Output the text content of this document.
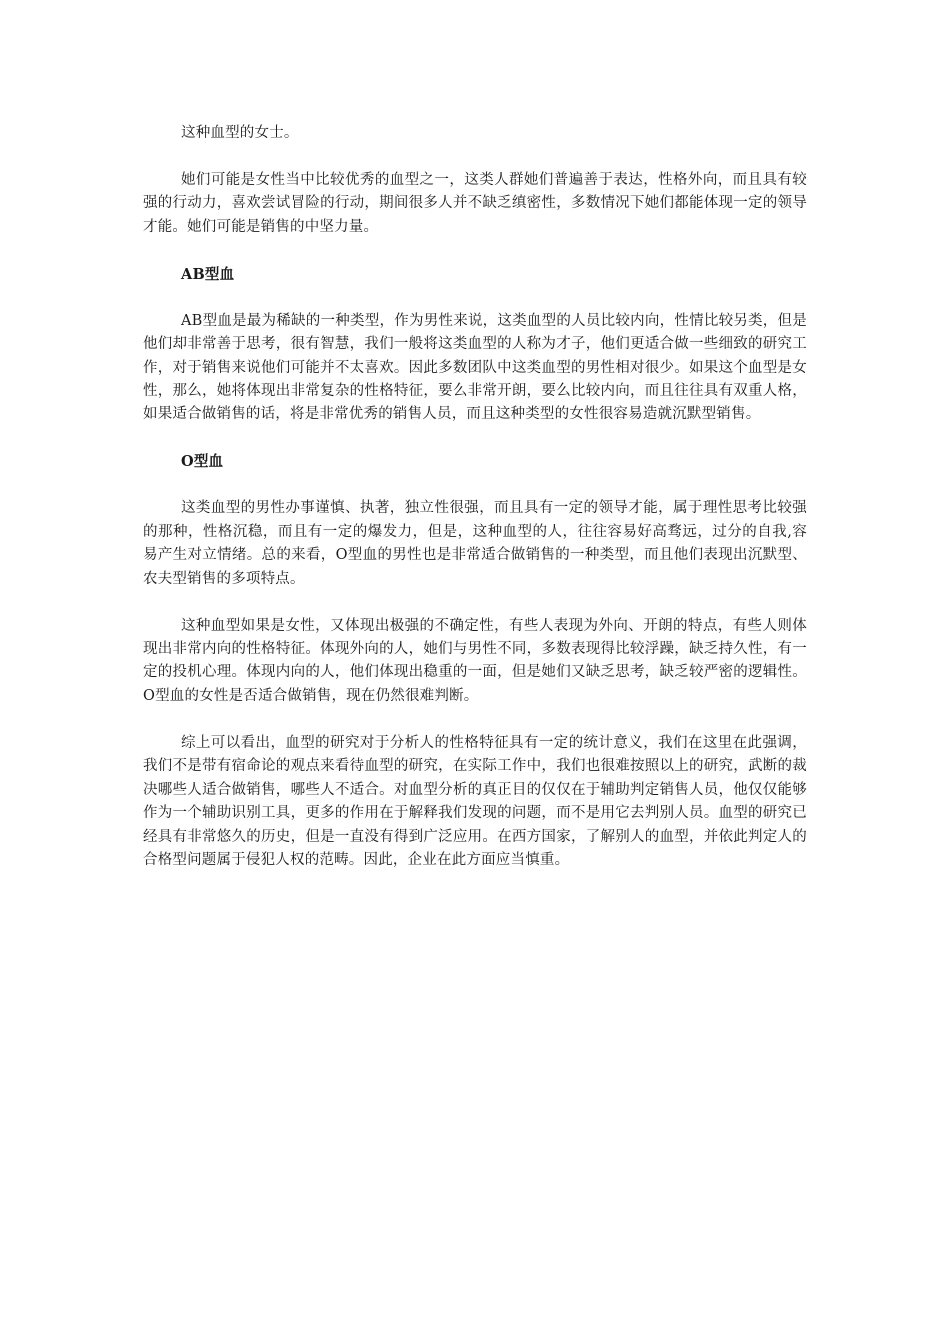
这种血型的女士。

她们可能是女性当中比较优秀的血型之一，这类人群她们普遍善于表达，性格外向，而且具有较强的行动力，喜欢尝试冒险的行动，期间很多人并不缺乏缜密性，多数情况下她们都能体现一定的领导才能。她们可能是销售的中坚力量。

AB型血

AB型血是最为稀缺的一种类型，作为男性来说，这类血型的人员比较内向，性情比较另类，但是他们却非常善于思考，很有智慧，我们一般将这类血型的人称为才子，他们更适合做一些细致的研究工作，对于销售来说他们可能并不太喜欢。因此多数团队中这类血型的男性相对很少。如果这个血型是女性，那么，她将体现出非常复杂的性格特征，要么非常开朗，要么比较内向，而且往往具有双重人格，如果适合做销售的话，将是非常优秀的销售人员，而且这种类型的女性很容易造就沉默型销售。

O型血

这类血型的男性办事谨慎、执著，独立性很强，而且具有一定的领导才能，属于理性思考比较强的那种，性格沉稳，而且有一定的爆发力，但是，这种血型的人，往往容易好高骛远，过分的自我,容易产生对立情绪。总的来看，O型血的男性也是非常适合做销售的一种类型，而且他们表现出沉默型、农夫型销售的多项特点。

这种血型如果是女性，又体现出极强的不确定性，有些人表现为外向、开朗的特点，有些人则体现出非常内向的性格特征。体现外向的人，她们与男性不同，多数表现得比较浮躁，缺乏持久性，有一定的投机心理。体现内向的人，他们体现出稳重的一面，但是她们又缺乏思考，缺乏较严密的逻辑性。O型血的女性是否适合做销售，现在仍然很难判断。

综上可以看出，血型的研究对于分析人的性格特征具有一定的统计意义，我们在这里在此强调，我们不是带有宿命论的观点来看待血型的研究，在实际工作中，我们也很难按照以上的研究，武断的裁决哪些人适合做销售，哪些人不适合。对血型分析的真正目的仅仅在于辅助判定销售人员，他仅仅能够作为一个辅助识别工具，更多的作用在于解释我们发现的问题，而不是用它去判别人员。血型的研究已经具有非常悠久的历史，但是一直没有得到广泛应用。在西方国家，了解别人的血型，并依此判定人的合格型问题属于侵犯人权的范畴。因此，企业在此方面应当慎重。
